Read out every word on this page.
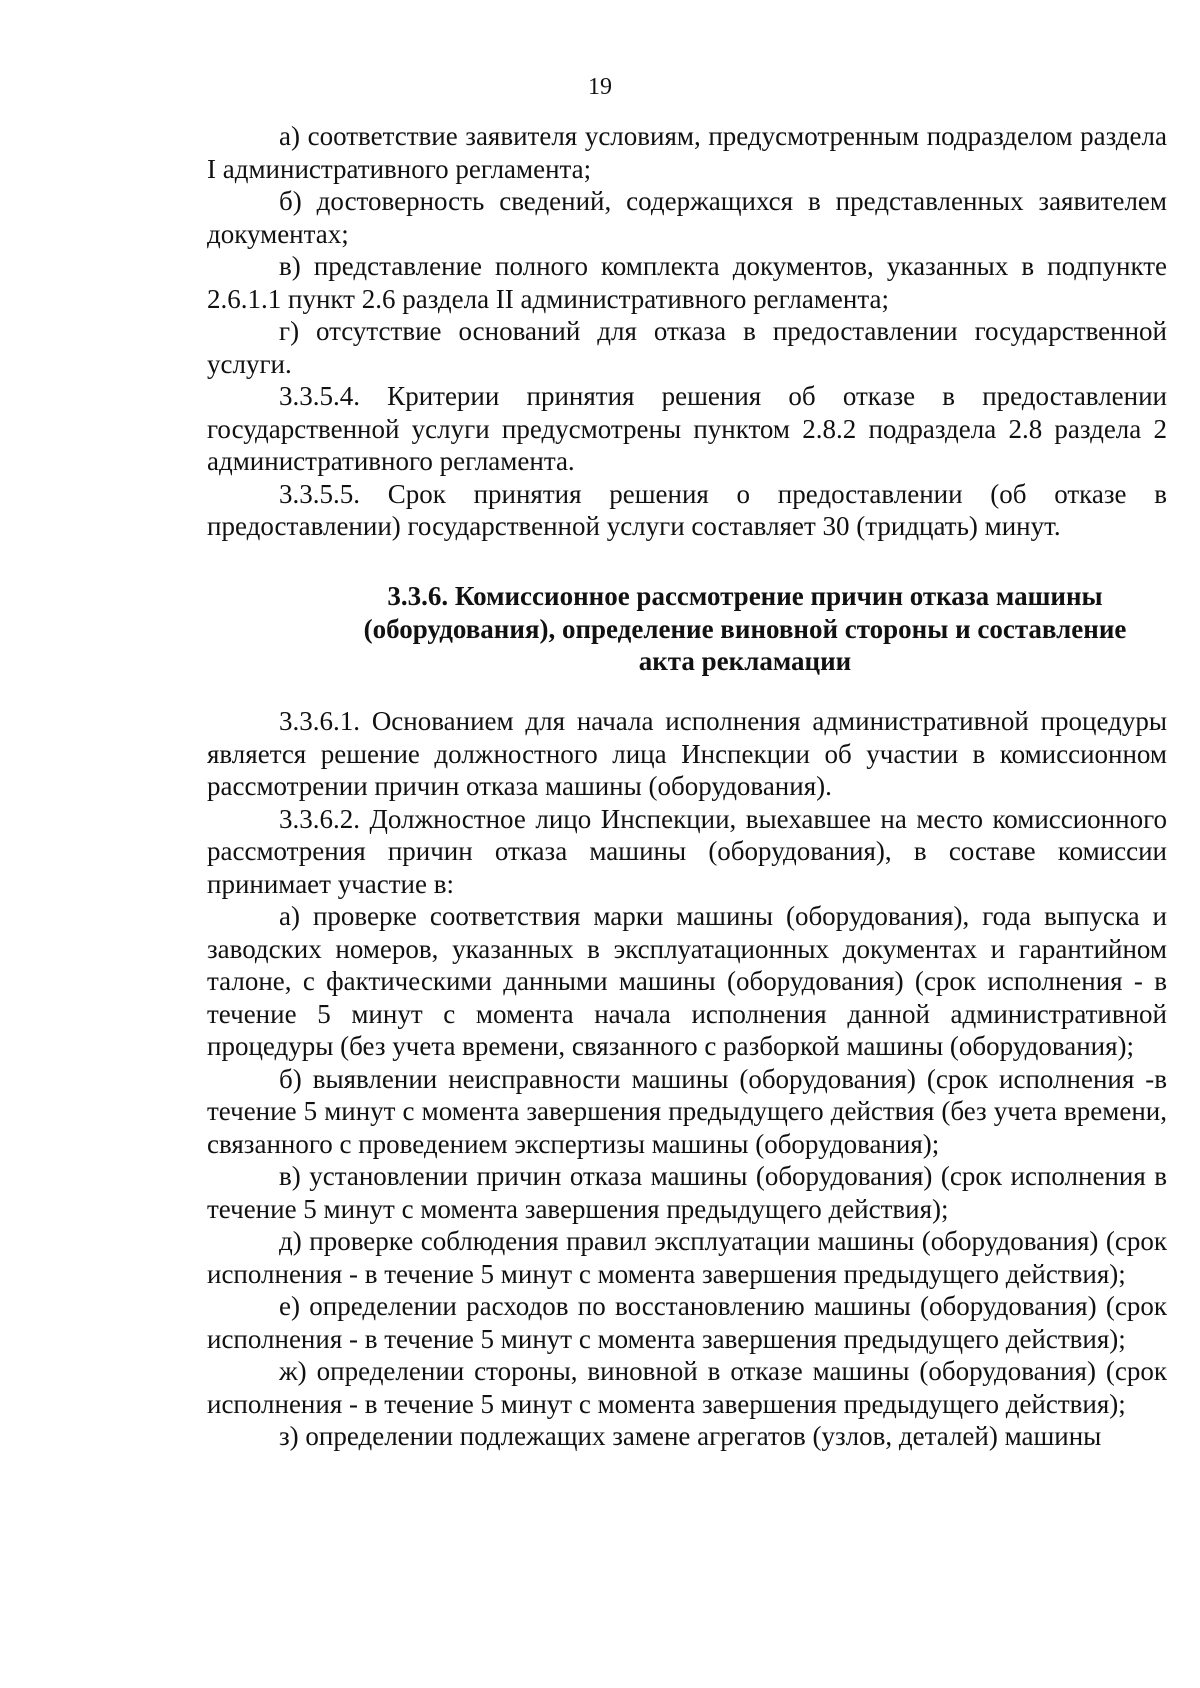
19

а) соответствие заявителя условиям, предусмотренным подразделом раздела I административного регламента;

б) достоверность сведений, содержащихся в представленных заявителем документах;

в) представление полного комплекта документов, указанных в подпункте 2.6.1.1 пункт 2.6 раздела II административного регламента;

г) отсутствие оснований для отказа в предоставлении государственной услуги.

3.3.5.4. Критерии принятия решения об отказе в предоставлении государственной услуги предусмотрены пунктом 2.8.2 подраздела 2.8 раздела 2 административного регламента.

3.3.5.5. Срок принятия решения о предоставлении (об отказе в предоставлении) государственной услуги составляет 30 (тридцать) минут.

3.3.6. Комиссионное рассмотрение причин отказа машины (оборудования), определение виновной стороны и составление акта рекламации

3.3.6.1. Основанием для начала исполнения административной процедуры является решение должностного лица Инспекции об участии в комиссионном рассмотрении причин отказа машины (оборудования).

3.3.6.2. Должностное лицо Инспекции, выехавшее на место комиссионного рассмотрения причин отказа машины (оборудования), в составе комиссии принимает участие в:

а) проверке соответствия марки машины (оборудования), года выпуска и заводских номеров, указанных в эксплуатационных документах и гарантийном талоне, с фактическими данными машины (оборудования) (срок исполнения - в течение 5 минут с момента начала исполнения данной административной процедуры (без учета времени, связанного с разборкой машины (оборудования);

б) выявлении неисправности машины (оборудования) (срок исполнения -в течение 5 минут с момента завершения предыдущего действия (без учета времени, связанного с проведением экспертизы машины (оборудования);

в) установлении причин отказа машины (оборудования) (срок исполнения в течение 5 минут с момента завершения предыдущего действия);

д) проверке соблюдения правил эксплуатации машины (оборудования) (срок исполнения - в течение 5 минут с момента завершения предыдущего действия);

е) определении расходов по восстановлению машины (оборудования) (срок исполнения - в течение 5 минут с момента завершения предыдущего действия);

ж) определении стороны, виновной в отказе машины (оборудования) (срок исполнения - в течение 5 минут с момента завершения предыдущего действия);

з) определении подлежащих замене агрегатов (узлов, деталей) машины
